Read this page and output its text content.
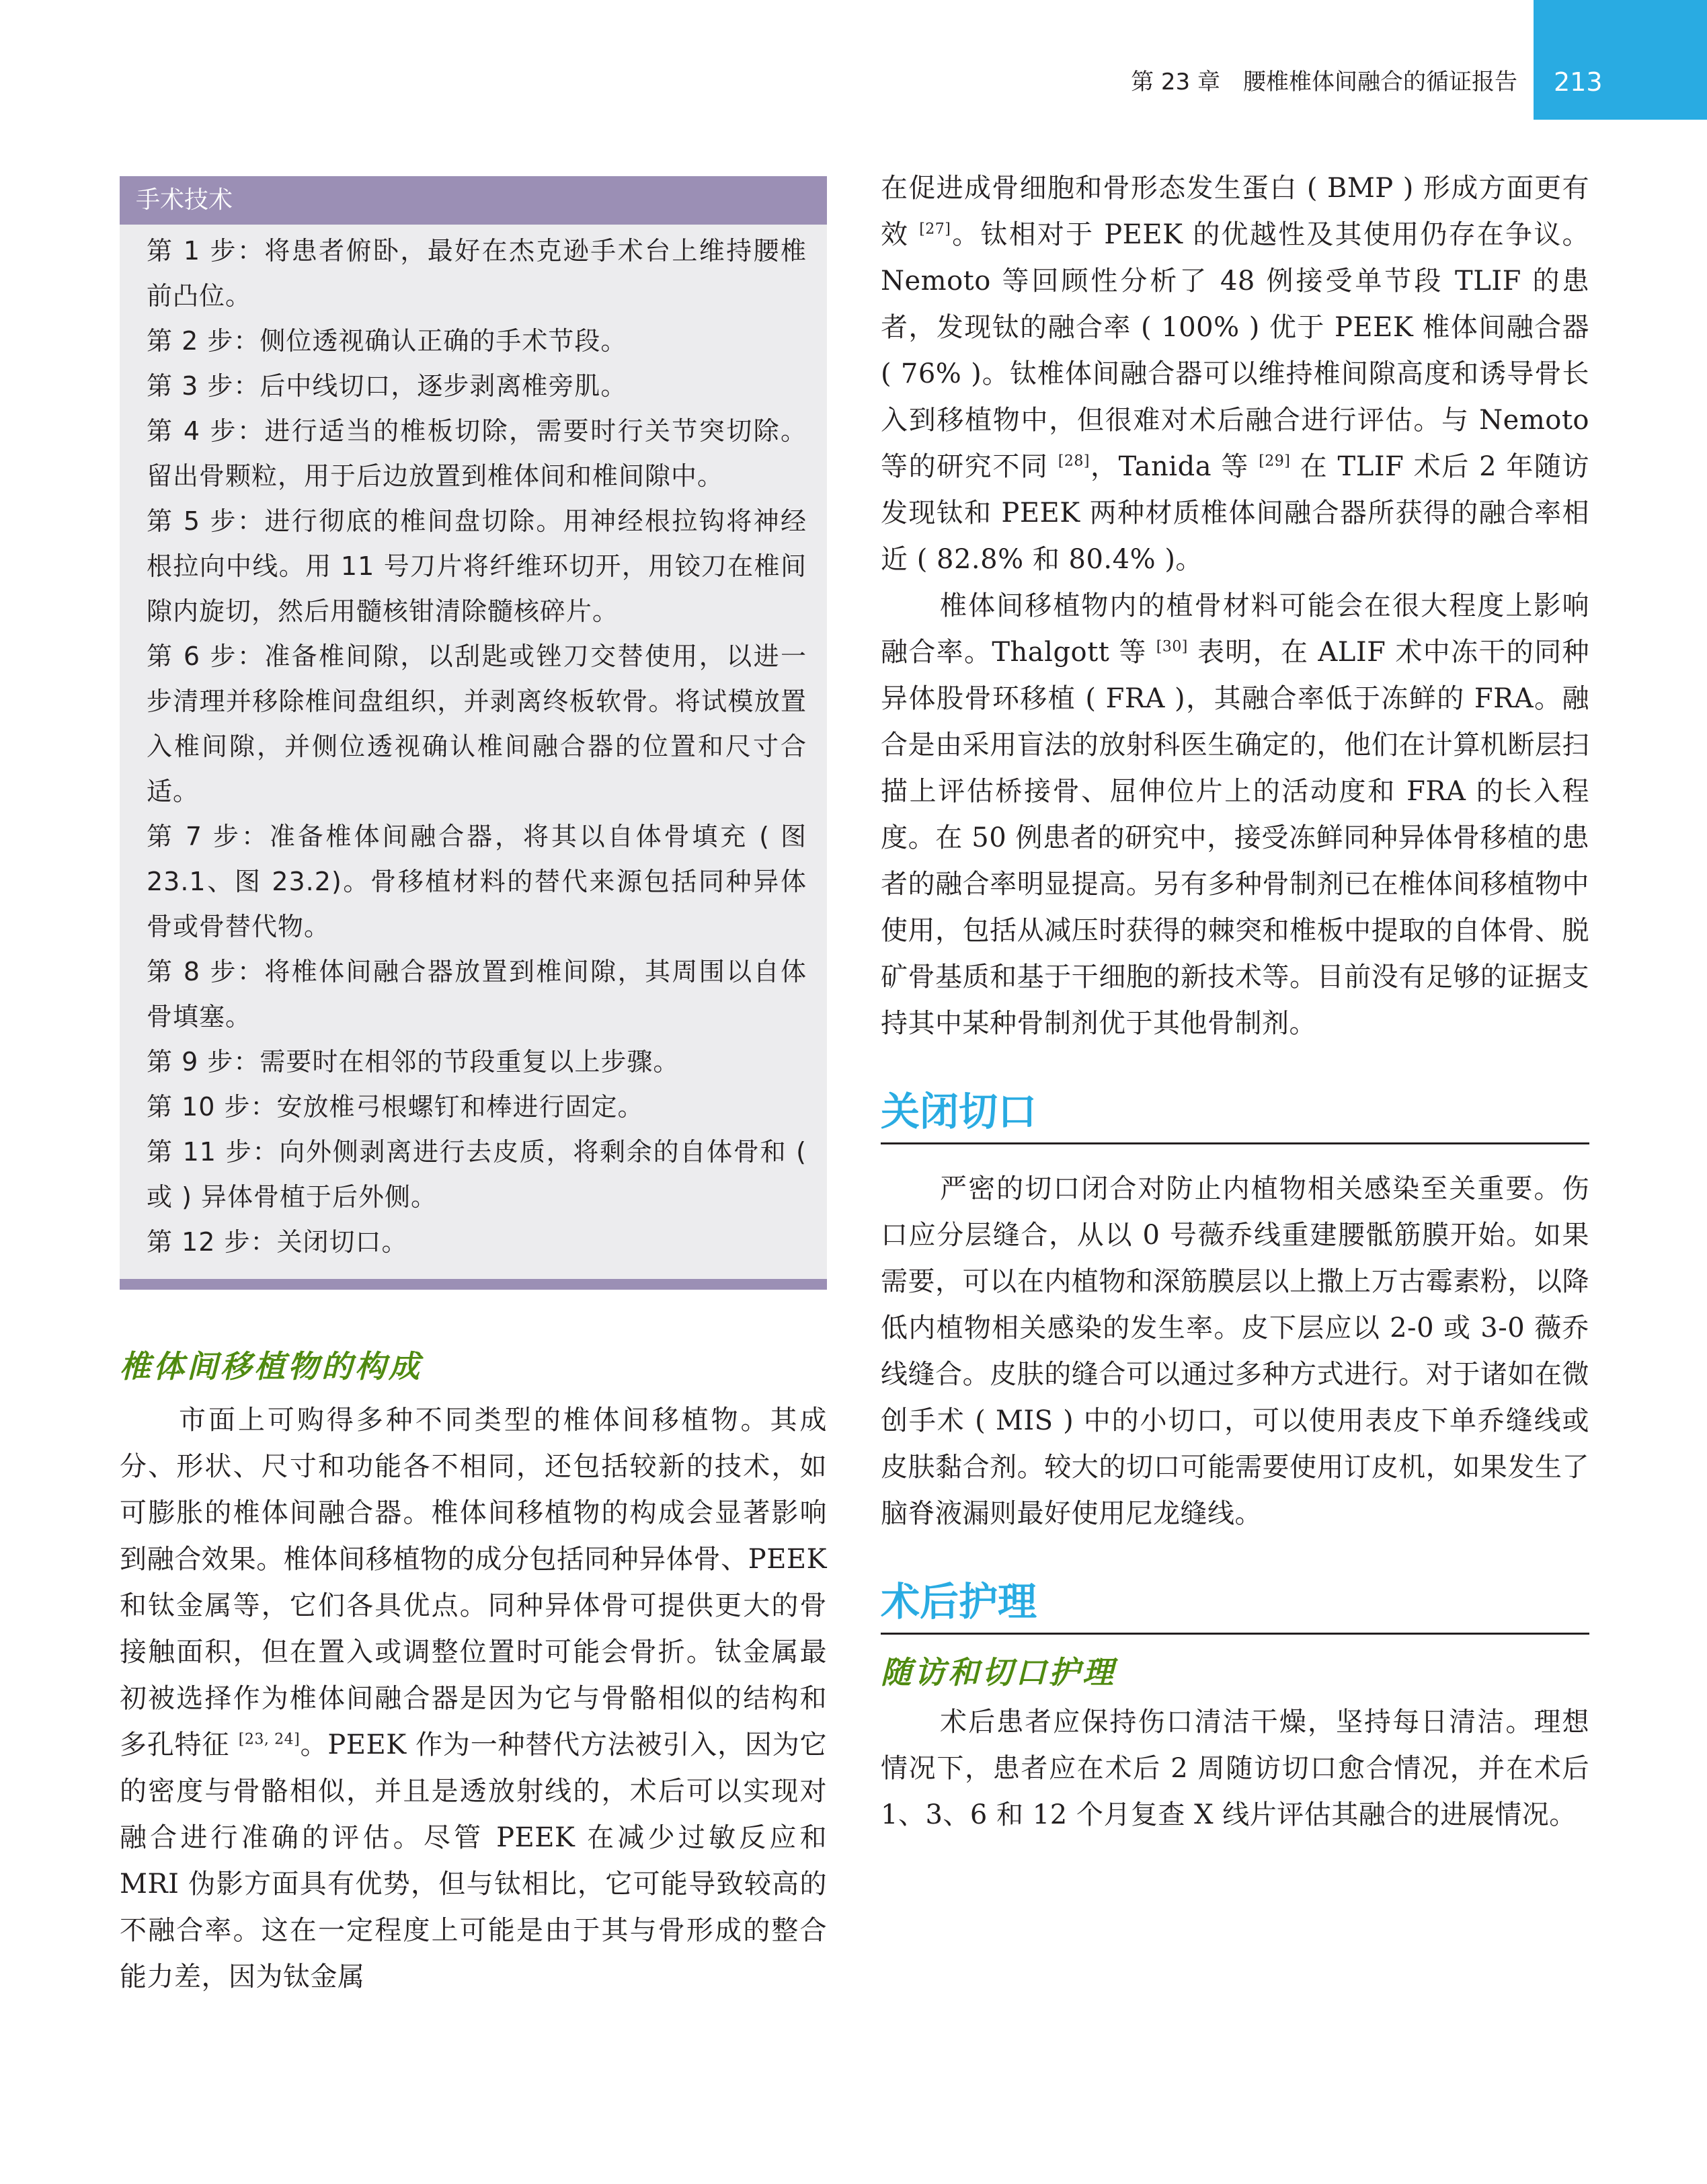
第 23 章　腰椎椎体间融合的循证报告	213
手术技术

第 1 步：将患者俯卧，最好在杰克逊手术台上维持腰椎前凸位。

第 2 步：侧位透视确认正确的手术节段。

第 3 步：后中线切口，逐步剥离椎旁肌。

第 4 步：进行适当的椎板切除，需要时行关节突切除。留出骨颗粒，用于后边放置到椎体间和椎间隙中。

第 5 步：进行彻底的椎间盘切除。用神经根拉钩将神经根拉向中线。用 11 号刀片将纤维环切开，用铰刀在椎间隙内旋切，然后用髓核钳清除髓核碎片。

第 6 步：准备椎间隙，以刮匙或锉刀交替使用，以进一步清理并移除椎间盘组织，并剥离终板软骨。将试模放置入椎间隙，并侧位透视确认椎间融合器的位置和尺寸合适。

第 7 步：准备椎体间融合器，将其以自体骨填充 ( 图 23.1、图 23.2)。骨移植材料的替代来源包括同种异体骨或骨替代物。

第 8 步：将椎体间融合器放置到椎间隙，其周围以自体骨填塞。

第 9 步：需要时在相邻的节段重复以上步骤。

第 10 步：安放椎弓根螺钉和棒进行固定。

第 11 步：向外侧剥离进行去皮质，将剩余的自体骨和 ( 或 ) 异体骨植于后外侧。

第 12 步：关闭切口。

椎体间移植物的构成

市面上可购得多种不同类型的椎体间移植物。其成分、形状、尺寸和功能各不相同，还包括较新的技术，如可膨胀的椎体间融合器。椎体间移植物的构成会显著影响到融合效果。椎体间移植物的成分包括同种异体骨、PEEK 和钛金属等，它们各具优点。同种异体骨可提供更大的骨接触面积，但在置入或调整位置时可能会骨折。钛金属最初被选择作为椎体间融合器是因为它与骨骼相似的结构和多孔特征 [23, 24]。PEEK 作为一种替代方法被引入，因为它的密度与骨骼相似，并且是透放射线的，术后可以实现对融合进行准确的评估。尽管 PEEK 在减少过敏反应和 MRI 伪影方面具有优势，但与钛相比，它可能导致较高的不融合率。这在一定程度上可能是由于其与骨形成的整合能力差，因为钛金属

在促进成骨细胞和骨形态发生蛋白 ( BMP ) 形成方面更有效 [27]。钛相对于 PEEK 的优越性及其使用仍存在争议。Nemoto 等回顾性分析了 48 例接受单节段 TLIF 的患者，发现钛的融合率 ( 100% ) 优于 PEEK 椎体间融合器 ( 76% )。钛椎体间融合器可以维持椎间隙高度和诱导骨长入到移植物中，但很难对术后融合进行评估。与 Nemoto 等的研究不同 [28]，Tanida 等 [29] 在 TLIF 术后 2 年随访发现钛和 PEEK 两种材质椎体间融合器所获得的融合率相近 ( 82.8% 和 80.4% )。

椎体间移植物内的植骨材料可能会在很大程度上影响融合率。Thalgott 等 [30] 表明，在 ALIF 术中冻干的同种异体股骨环移植 ( FRA )，其融合率低于冻鲜的 FRA。融合是由采用盲法的放射科医生确定的，他们在计算机断层扫描上评估桥接骨、屈伸位片上的活动度和 FRA 的长入程度。在 50 例患者的研究中，接受冻鲜同种异体骨移植的患者的融合率明显提高。另有多种骨制剂已在椎体间移植物中使用，包括从减压时获得的棘突和椎板中提取的自体骨、脱矿骨基质和基于干细胞的新技术等。目前没有足够的证据支持其中某种骨制剂优于其他骨制剂。

关闭切口

严密的切口闭合对防止内植物相关感染至关重要。伤口应分层缝合，从以 0 号薇乔线重建腰骶筋膜开始。如果需要，可以在内植物和深筋膜层以上撒上万古霉素粉，以降低内植物相关感染的发生率。皮下层应以 2-0 或 3-0 薇乔线缝合。皮肤的缝合可以通过多种方式进行。对于诸如在微创手术 ( MIS ) 中的小切口，可以使用表皮下单乔缝线或皮肤黏合剂。较大的切口可能需要使用订皮机，如果发生了脑脊液漏则最好使用尼龙缝线。

术后护理
随访和切口护理

术后患者应保持伤口清洁干燥，坚持每日清洁。理想情况下，患者应在术后 2 周随访切口愈合情况，并在术后 1、3、6 和 12 个月复查 X 线片评估其融合的进展情况。
